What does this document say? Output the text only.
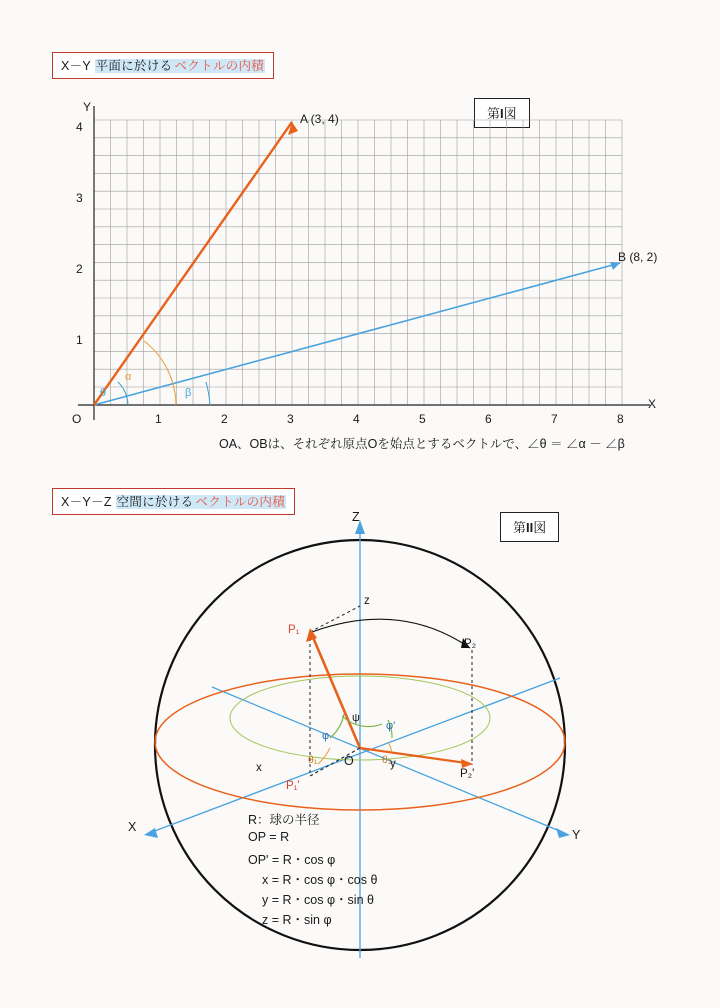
X－Y 平面に於ける ベクトルの内積
第I図
X
Y
O	1	2	3	4	5	6	7	8
1
2
3
4
A (3, 4)
B (8, 2)
θ
α
β
OA、OBは、それぞれ原点Oを始点とするベクトルで、∠θ ＝ ∠α － ∠β
X－Y－Z 空間に於ける ベクトルの内積
第II図
Z
X
Y
x	y
z
O
P₁
P₂
P₁'
P₂'
ψ
φ
φ'
θ₁	θ₂
R：球の半径
OP = R
OP' = R・cos φ
x = R・cos φ・cos θ
y = R・cos φ・sin θ
z = R・sin φ
